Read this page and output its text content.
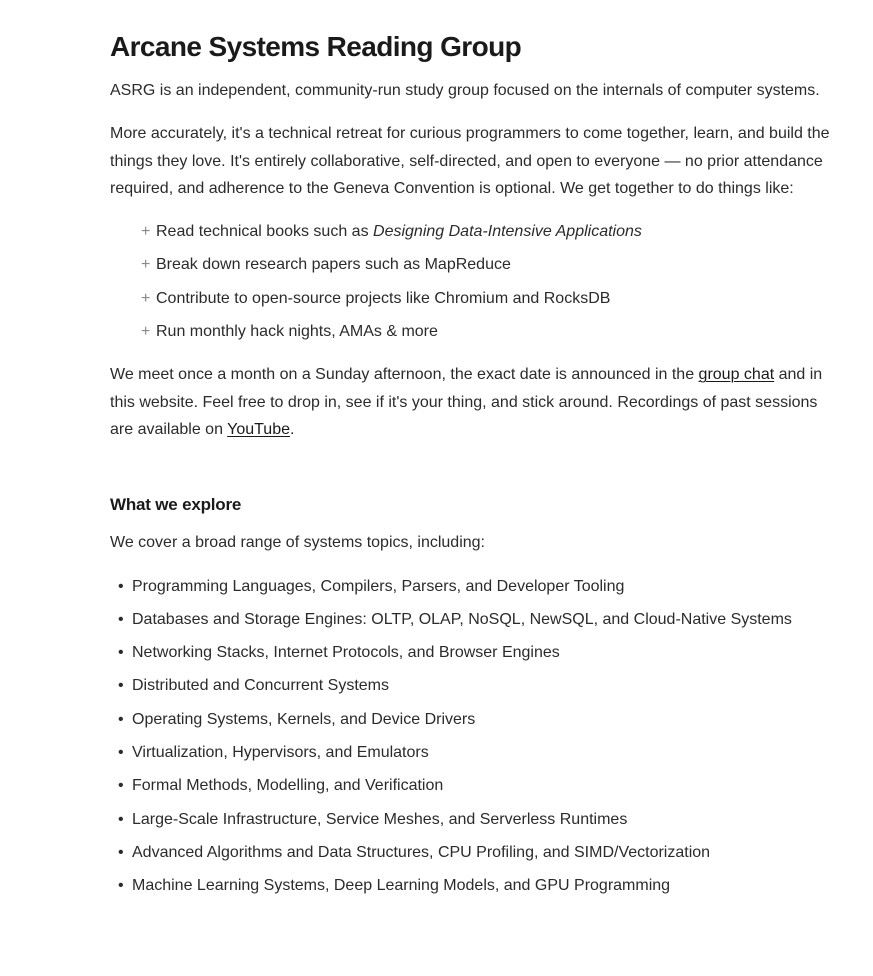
Arcane Systems Reading Group

ASRG is an independent, community-run study group focused on the internals of computer systems.

More accurately, it's a technical retreat for curious programmers to come together, learn, and build the things they love. It's entirely collaborative, self-directed, and open to everyone — no prior attendance required, and adherence to the Geneva Convention is optional. We get together to do things like:

+ Read technical books such as Designing Data-Intensive Applications
+ Break down research papers such as MapReduce
+ Contribute to open-source projects like Chromium and RocksDB
+ Run monthly hack nights, AMAs & more

We meet once a month on a Sunday afternoon, the exact date is announced in the group chat and in this website. Feel free to drop in, see if it's your thing, and stick around. Recordings of past sessions are available on YouTube.

What we explore

We cover a broad range of systems topics, including:

• Programming Languages, Compilers, Parsers, and Developer Tooling
• Databases and Storage Engines: OLTP, OLAP, NoSQL, NewSQL, and Cloud-Native Systems
• Networking Stacks, Internet Protocols, and Browser Engines
• Distributed and Concurrent Systems
• Operating Systems, Kernels, and Device Drivers
• Virtualization, Hypervisors, and Emulators
• Formal Methods, Modelling, and Verification
• Large-Scale Infrastructure, Service Meshes, and Serverless Runtimes
• Advanced Algorithms and Data Structures, CPU Profiling, and SIMD/Vectorization
• Machine Learning Systems, Deep Learning Models, and GPU Programming
